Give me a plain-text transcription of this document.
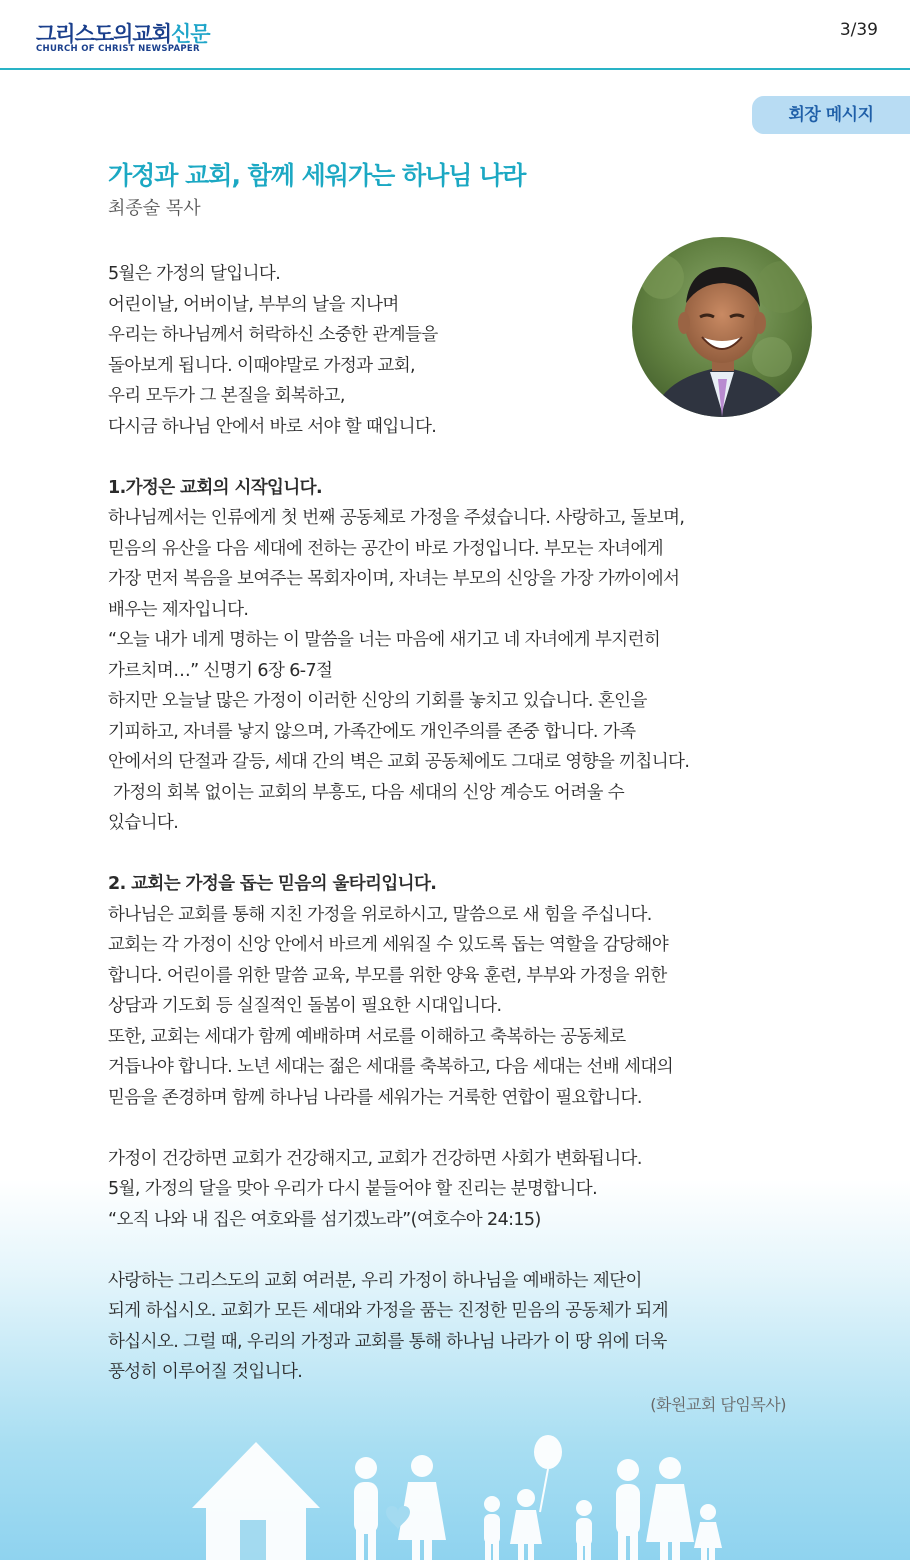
그리스도의교회신문
CHURCH OF CHRIST NEWSPAPER
3/39
회장 메시지
가정과 교회, 함께 세워가는 하나님 나라
최종술 목사
5월은 가정의 달입니다.
어린이날, 어버이날, 부부의 날을 지나며
우리는 하나님께서 허락하신 소중한 관계들을
돌아보게 됩니다. 이때야말로 가정과 교회,
우리 모두가 그 본질을 회복하고,
다시금 하나님 안에서 바로 서야 할 때입니다.
1.가정은 교회의 시작입니다.
하나님께서는 인류에게 첫 번째 공동체로 가정을 주셨습니다. 사랑하고, 돌보며,
믿음의 유산을 다음 세대에 전하는 공간이 바로 가정입니다. 부모는 자녀에게
가장 먼저 복음을 보여주는 목회자이며, 자녀는 부모의 신앙을 가장 가까이에서
배우는 제자입니다.
“오늘 내가 네게 명하는 이 말씀을 너는 마음에 새기고 네 자녀에게 부지런히
가르치며…” 신명기 6장 6-7절
하지만 오늘날 많은 가정이 이러한 신앙의 기회를 놓치고 있습니다. 혼인을
기피하고, 자녀를 낳지 않으며, 가족간에도 개인주의를 존중 합니다. 가족
안에서의 단절과 갈등, 세대 간의 벽은 교회 공동체에도 그대로 영향을 끼칩니다.
가정의 회복 없이는 교회의 부흥도, 다음 세대의 신앙 계승도 어려울 수
있습니다.
2. 교회는 가정을 돕는 믿음의 울타리입니다.
하나님은 교회를 통해 지친 가정을 위로하시고, 말씀으로 새 힘을 주십니다.
교회는 각 가정이 신앙 안에서 바르게 세워질 수 있도록 돕는 역할을 감당해야
합니다. 어린이를 위한 말씀 교육, 부모를 위한 양육 훈련, 부부와 가정을 위한
상담과 기도회 등 실질적인 돌봄이 필요한 시대입니다.
또한, 교회는 세대가 함께 예배하며 서로를 이해하고 축복하는 공동체로
거듭나야 합니다. 노년 세대는 젊은 세대를 축복하고, 다음 세대는 선배 세대의
믿음을 존경하며 함께 하나님 나라를 세워가는 거룩한 연합이 필요합니다.
가정이 건강하면 교회가 건강해지고, 교회가 건강하면 사회가 변화됩니다.
5월, 가정의 달을 맞아 우리가 다시 붙들어야 할 진리는 분명합니다.
“오직 나와 내 집은 여호와를 섬기겠노라”(여호수아 24:15)
사랑하는 그리스도의 교회 여러분, 우리 가정이 하나님을 예배하는 제단이
되게 하십시오. 교회가 모든 세대와 가정을 품는 진정한 믿음의 공동체가 되게
하십시오. 그럴 때, 우리의 가정과 교회를 통해 하나님 나라가 이 땅 위에 더욱
풍성히 이루어질 것입니다.
(화원교회 담임목사)
